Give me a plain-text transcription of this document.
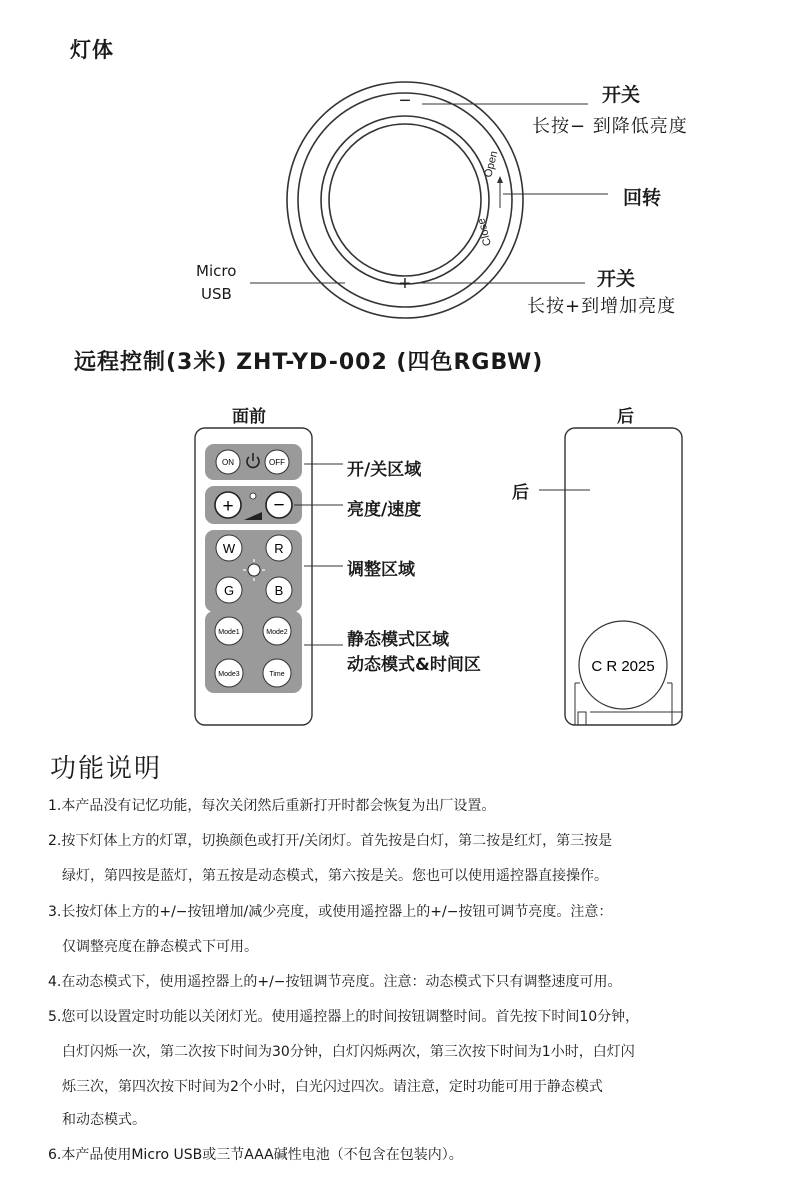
灯体
−
+
Open
Close
开关
长按− 到降低亮度
回转
开关
长按+到增加亮度
Micro
USB
远程控制(3米) ZHT-YD-002 (四色RGBW)
面前	后
ON	OFF
+ −
W	R
G	B
Mode1	Mode2
Mode3	Time	C R 2025
开/关区域
亮度/速度
调整区域
静态模式区域
动态模式&时间区
后
功能说明
1.本产品没有记忆功能，每次关闭然后重新打开时都会恢复为出厂设置。
2.按下灯体上方的灯罩，切换颜色或打开/关闭灯。首先按是白灯，第二按是红灯，第三按是
绿灯，第四按是蓝灯，第五按是动态模式，第六按是关。您也可以使用遥控器直接操作。
3.长按灯体上方的+/−按钮增加/减少亮度，或使用遥控器上的+/−按钮可调节亮度。注意：
仅调整亮度在静态模式下可用。
4.在动态模式下，使用遥控器上的+/−按钮调节亮度。注意：动态模式下只有调整速度可用。
5.您可以设置定时功能以关闭灯光。使用遥控器上的时间按钮调整时间。首先按下时间10分钟，
白灯闪烁一次，第二次按下时间为30分钟，白灯闪烁两次，第三次按下时间为1小时，白灯闪
烁三次，第四次按下时间为2个小时，白光闪过四次。请注意，定时功能可用于静态模式
和动态模式。
6.本产品使用Micro USB或三节AAA碱性电池（不包含在包装内）。
